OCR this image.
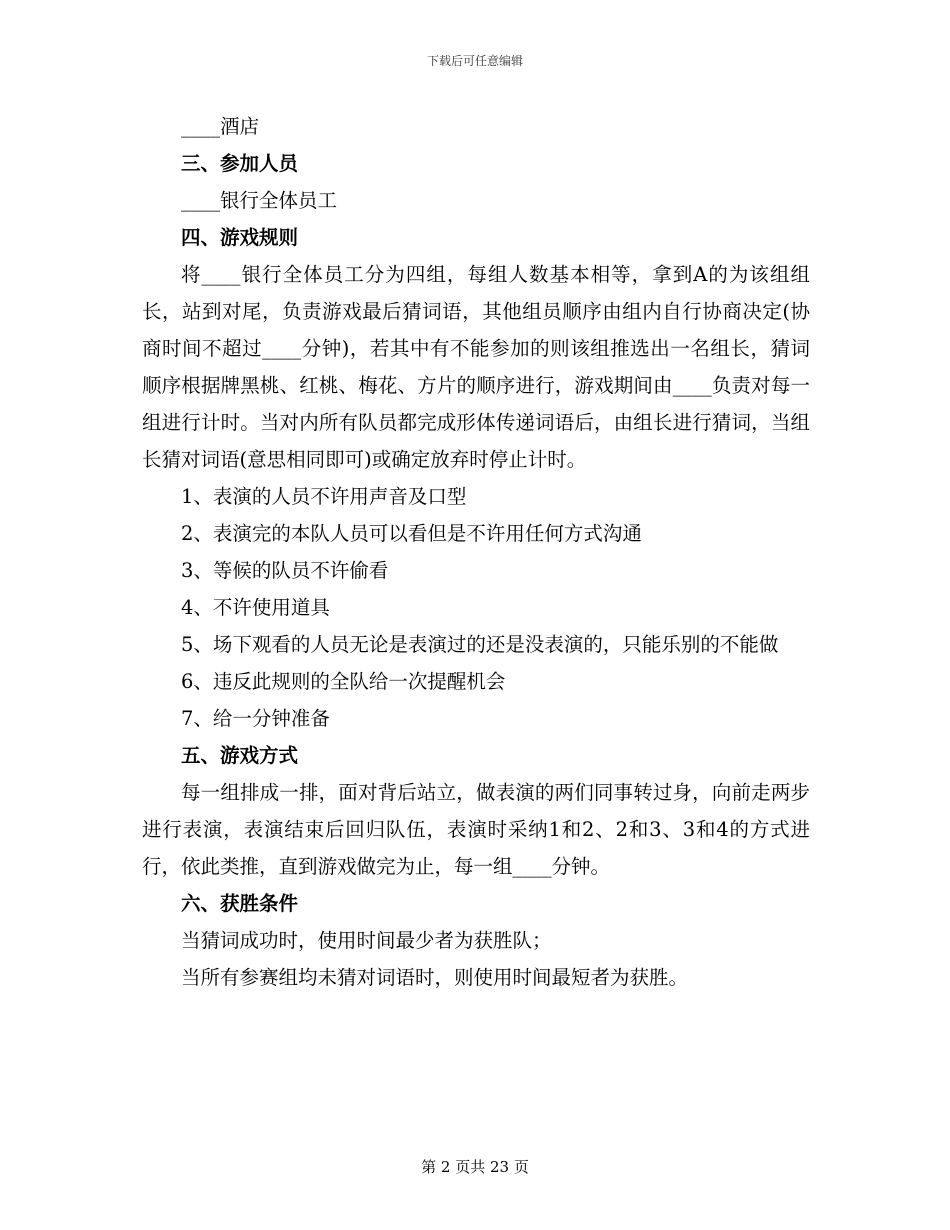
下载后可任意编辑

____酒店

三、参加人员

____银行全体员工

四、游戏规则

将____银行全体员工分为四组，每组人数基本相等，拿到A的为该组组长，站到对尾，负责游戏最后猜词语，其他组员顺序由组内自行协商决定(协商时间不超过____分钟)，若其中有不能参加的则该组推选出一名组长，猜词顺序根据牌黑桃、红桃、梅花、方片的顺序进行，游戏期间由____负责对每一组进行计时。当对内所有队员都完成形体传递词语后，由组长进行猜词，当组长猜对词语(意思相同即可)或确定放弃时停止计时。

1、表演的人员不许用声音及口型

2、表演完的本队人员可以看但是不许用任何方式沟通

3、等候的队员不许偷看

4、不许使用道具

5、场下观看的人员无论是表演过的还是没表演的，只能乐别的不能做

6、违反此规则的全队给一次提醒机会

7、给一分钟准备

五、游戏方式

每一组排成一排，面对背后站立，做表演的两们同事转过身，向前走两步进行表演，表演结束后回归队伍，表演时采纳1和2、2和3、3和4的方式进行，依此类推，直到游戏做完为止，每一组____分钟。

六、获胜条件

当猜词成功时，使用时间最少者为获胜队；

当所有参赛组均未猜对词语时，则使用时间最短者为获胜。

第 2 页共 23 页
